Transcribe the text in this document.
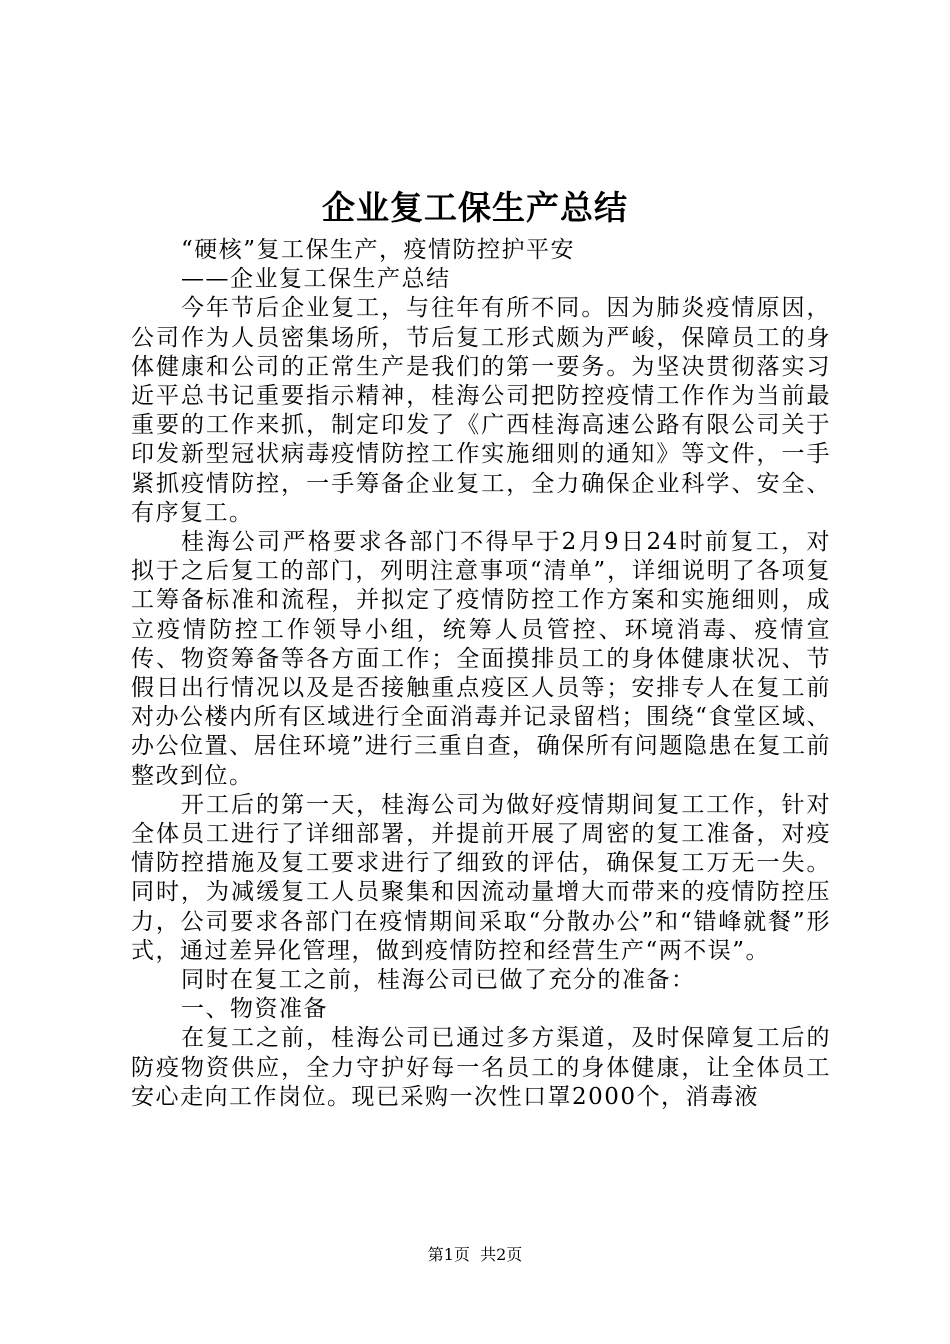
企业复工保生产总结

“硬核”复工保生产，疫情防控护平安

——企业复工保生产总结

今年节后企业复工，与往年有所不同。因为肺炎疫情原因，公司作为人员密集场所，节后复工形式颇为严峻，保障员工的身体健康和公司的正常生产是我们的第一要务。为坚决贯彻落实习近平总书记重要指示精神，桂海公司把防控疫情工作作为当前最重要的工作来抓，制定印发了《广西桂海高速公路有限公司关于印发新型冠状病毒疫情防控工作实施细则的通知》等文件，一手紧抓疫情防控，一手筹备企业复工，全力确保企业科学、安全、有序复工。

桂海公司严格要求各部门不得早于2月9日24时前复工，对拟于之后复工的部门，列明注意事项“清单”，详细说明了各项复工筹备标准和流程，并拟定了疫情防控工作方案和实施细则，成立疫情防控工作领导小组，统筹人员管控、环境消毒、疫情宣传、物资筹备等各方面工作；全面摸排员工的身体健康状况、节假日出行情况以及是否接触重点疫区人员等；安排专人在复工前对办公楼内所有区域进行全面消毒并记录留档；围绕“食堂区域、办公位置、居住环境”进行三重自查，确保所有问题隐患在复工前整改到位。

开工后的第一天，桂海公司为做好疫情期间复工工作，针对全体员工进行了详细部署，并提前开展了周密的复工准备，对疫情防控措施及复工要求进行了细致的评估，确保复工万无一失。同时，为减缓复工人员聚集和因流动量增大而带来的疫情防控压力，公司要求各部门在疫情期间采取“分散办公”和“错峰就餐”形式，通过差异化管理，做到疫情防控和经营生产“两不误”。

同时在复工之前，桂海公司已做了充分的准备：

一、物资准备

在复工之前，桂海公司已通过多方渠道，及时保障复工后的防疫物资供应，全力守护好每一名员工的身体健康，让全体员工安心走向工作岗位。现已采购一次性口罩2000个，消毒液

第1页 共2页
